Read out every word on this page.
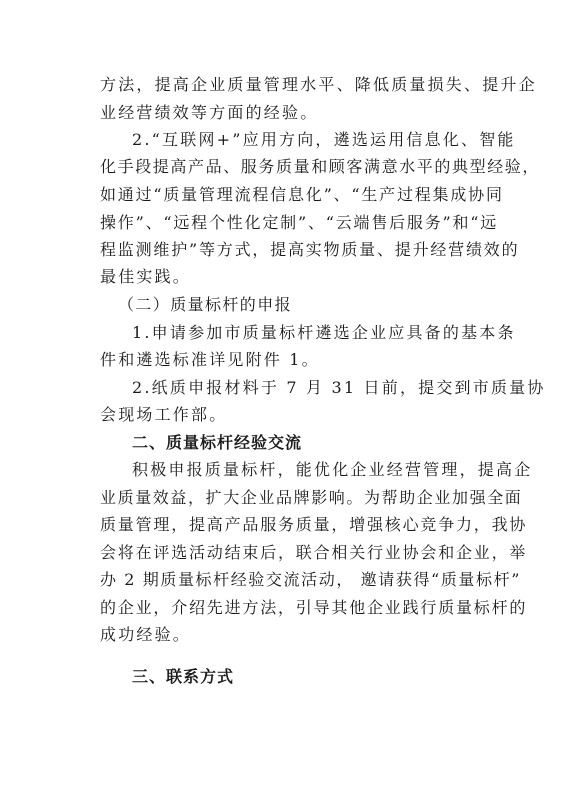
方法，提高企业质量管理水平、降低质量损失、提升企
业经营绩效等方面的经验。
2.“互联网+”应用方向，遴选运用信息化、智能
化手段提高产品、服务质量和顾客满意水平的典型经验，
如通过“质量管理流程信息化”、“生产过程集成协同
操作”、“远程个性化定制”、“云端售后服务”和“远
程监测维护”等方式，提高实物质量、提升经营绩效的
最佳实践。
（二）质量标杆的申报
1.申请参加市质量标杆遴选企业应具备的基本条
件和遴选标准详见附件 1。
2.纸质申报材料于 7 月 31 日前，提交到市质量协
会现场工作部。
二、质量标杆经验交流
积极申报质量标杆，能优化企业经营管理，提高企
业质量效益，扩大企业品牌影响。为帮助企业加强全面
质量管理，提高产品服务质量，增强核心竞争力，我协
会将在评选活动结束后，联合相关行业协会和企业，举
办 2 期质量标杆经验交流活动， 邀请获得“质量标杆”
的企业，介绍先进方法，引导其他企业践行质量标杆的
成功经验。
三、联系方式
